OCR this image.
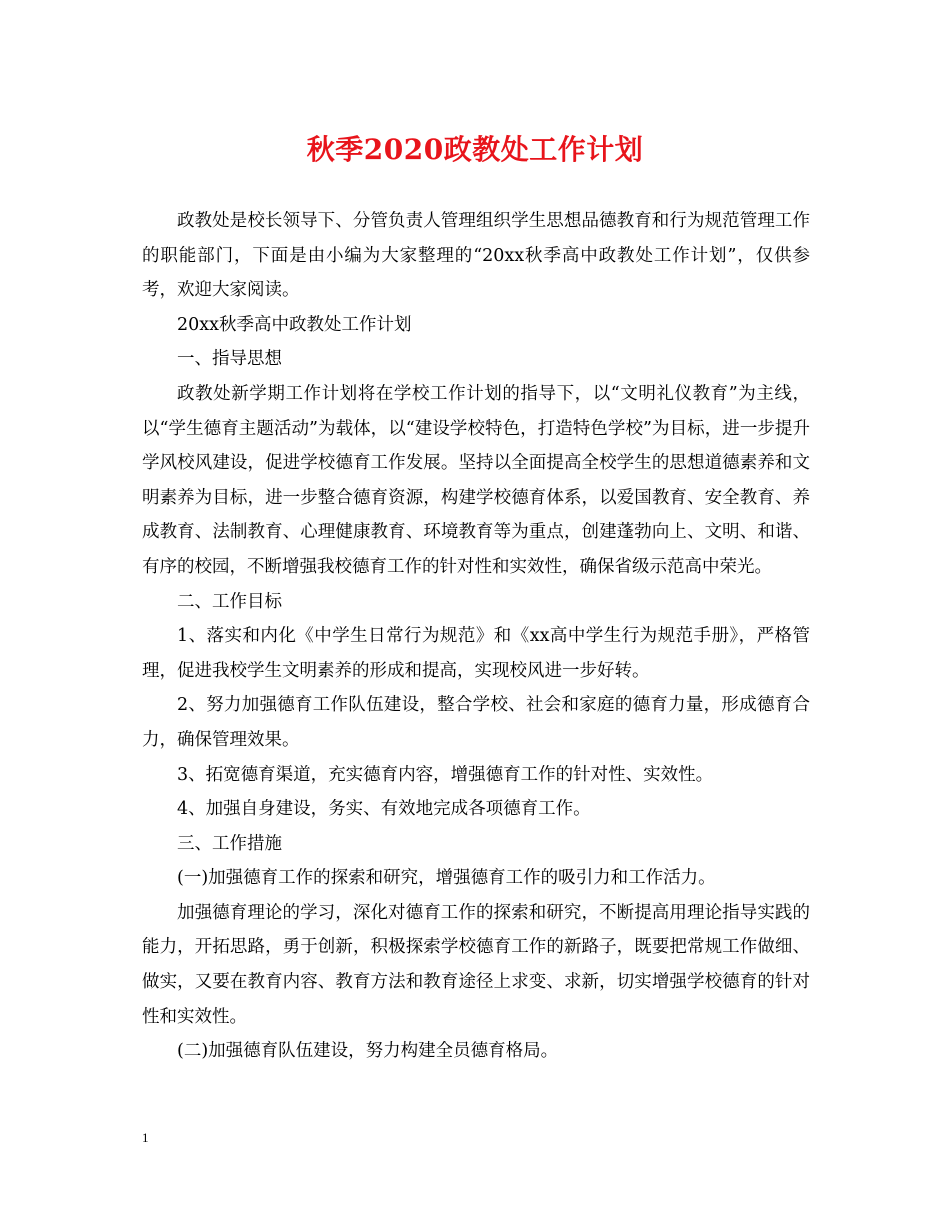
秋季2020政教处工作计划

政教处是校长领导下、分管负责人管理组织学生思想品德教育和行为规范管理工作的职能部门，下面是由小编为大家整理的“20xx秋季高中政教处工作计划”，仅供参考，欢迎大家阅读。

20xx秋季高中政教处工作计划

一、指导思想

政教处新学期工作计划将在学校工作计划的指导下，以“文明礼仪教育”为主线，以“学生德育主题活动”为载体，以“建设学校特色，打造特色学校”为目标，进一步提升学风校风建设，促进学校德育工作发展。坚持以全面提高全校学生的思想道德素养和文明素养为目标，进一步整合德育资源，构建学校德育体系，以爱国教育、安全教育、养成教育、法制教育、心理健康教育、环境教育等为重点，创建蓬勃向上、文明、和谐、有序的校园，不断增强我校德育工作的针对性和实效性，确保省级示范高中荣光。

二、工作目标

1、落实和内化《中学生日常行为规范》和《xx高中学生行为规范手册》，严格管理，促进我校学生文明素养的形成和提高，实现校风进一步好转。

2、努力加强德育工作队伍建设，整合学校、社会和家庭的德育力量，形成德育合力，确保管理效果。

3、拓宽德育渠道，充实德育内容，增强德育工作的针对性、实效性。

4、加强自身建设，务实、有效地完成各项德育工作。

三、工作措施

(一)加强德育工作的探索和研究，增强德育工作的吸引力和工作活力。

加强德育理论的学习，深化对德育工作的探索和研究，不断提高用理论指导实践的能力，开拓思路，勇于创新，积极探索学校德育工作的新路子，既要把常规工作做细、做实，又要在教育内容、教育方法和教育途径上求变、求新，切实增强学校德育的针对性和实效性。

(二)加强德育队伍建设，努力构建全员德育格局。

1
